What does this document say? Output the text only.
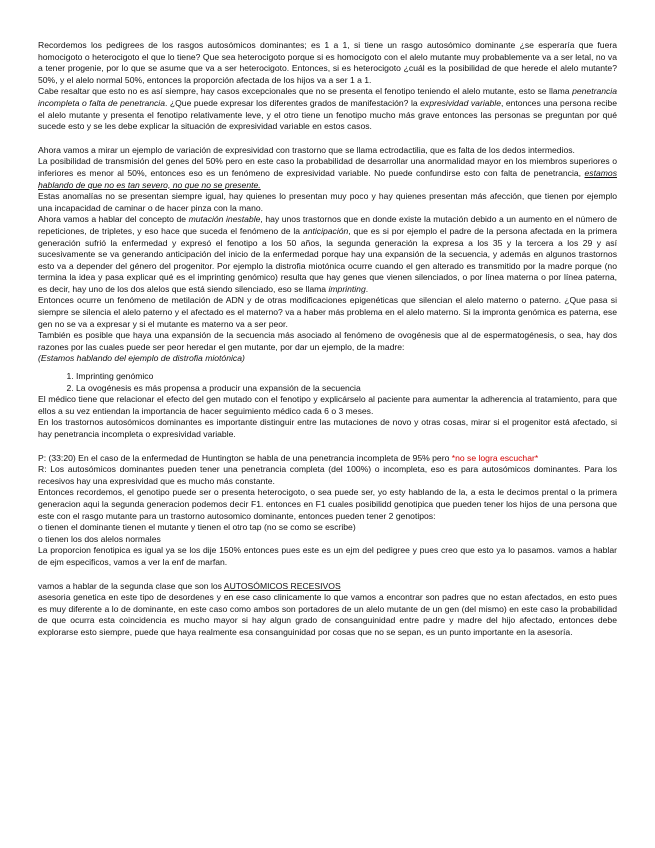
Recordemos los pedigrees de los rasgos autosómicos dominantes; es 1 a 1, si tiene un rasgo autosómico dominante ¿se esperaría que fuera homocigoto o heterocigoto el que lo tiene? Que sea heterocigoto porque si es homocigoto con el alelo mutante muy probablemente va a ser letal, no va a tener progenie, por lo que se asume que va a ser heterocigoto. Entonces, si es heterocigoto ¿cuál es la posibilidad de que herede el alelo mutante? 50%, y el alelo normal 50%, entonces la proporción afectada de los hijos va a ser 1 a 1.

Cabe resaltar que esto no es así siempre, hay casos excepcionales que no se presenta el fenotipo teniendo el alelo mutante, esto se llama penetrancia incompleta o falta de penetrancia. ¿Que puede expresar los diferentes grados de manifestación? la expresividad variable, entonces una persona recibe el alelo mutante y presenta el fenotipo relativamente leve, y el otro tiene un fenotipo mucho más grave entonces las personas se preguntan por qué sucede esto y se les debe explicar la situación de expresividad variable en estos casos.

Ahora vamos a mirar un ejemplo de variación de expresividad con trastorno que se llama ectrodactilia, que es falta de los dedos intermedios.

La posibilidad de transmisión del genes del 50% pero en este caso la probabilidad de desarrollar una anormalidad mayor en los miembros superiores o inferiores es menor al 50%, entonces eso es un fenómeno de expresividad variable. No puede confundirse esto con falta de penetrancia, estamos hablando de que no es tan severo, no que no se presente.

Estas anomalías no se presentan siempre igual, hay quienes lo presentan muy poco y hay quienes presentan más afección, que tienen por ejemplo una incapacidad de caminar o de hacer pinza con la mano.

Ahora vamos a hablar del concepto de mutación inestable, hay unos trastornos que en donde existe la mutación debido a un aumento en el número de repeticiones, de tripletes, y eso hace que suceda el fenómeno de la anticipación, que es si por ejemplo el padre de la persona afectada en la primera generación sufrió la enfermedad y expresó el fenotipo a los 50 años, la segunda generación la expresa a los 35 y la tercera a los 29 y así sucesivamente se va generando anticipación del inicio de la enfermedad porque hay una expansión de la secuencia, y además en algunos trastornos esto va a depender del género del progenitor. Por ejemplo la distrofia miotónica ocurre cuando el gen alterado es transmitido por la madre porque (no termina la idea y pasa explicar qué es el imprinting genómico) resulta que hay genes que vienen silenciados, o por línea materna o por línea paterna, es decir, hay uno de los dos alelos que está siendo silenciado, eso se llama imprinting.

Entonces ocurre un fenómeno de metilación de ADN y de otras modificaciones epigenéticas que silencian el alelo materno o paterno. ¿Que pasa si siempre se silencia el alelo paterno y el afectado es el materno? va a haber más problema en el alelo materno. Si la impronta genómica es paterna, ese gen no se va a expresar y si el mutante es materno va a ser peor.

También es posible que haya una expansión de la secuencia más asociado al fenómeno de ovogénesis que al de espermatogénesis, o sea, hay dos razones por las cuales puede ser peor heredar el gen mutante, por dar un ejemplo, de la madre:

(Estamos hablando del ejemplo de distrofia miotónica)

1. Imprinting genómico
2. La ovogénesis es más propensa a producir una expansión de la secuencia

El médico tiene que relacionar el efecto del gen mutado con el fenotipo y explicárselo al paciente para aumentar la adherencia al tratamiento, para que ellos a su vez entiendan la importancia de hacer seguimiento médico cada 6 o 3 meses.

En los trastornos autosómicos dominantes es importante distinguir entre las mutaciones de novo y otras cosas, mirar si el progenitor está afectado, si hay penetrancia incompleta o expresividad variable.

P: (33:20) En el caso de la enfermedad de Huntington se habla de una penetrancia incompleta de 95% pero *no se logra escuchar*

R: Los autosómicos dominantes pueden tener una penetrancia completa (del 100%) o incompleta, eso es para autosómicos dominantes. Para los recesivos hay una expresividad que es mucho más constante.

Entonces recordemos, el genotipo puede ser o presenta heterocigoto, o sea puede ser, yo esty hablando de la, a esta le decimos prental o la primera generacion aqui la segunda generacion podemos decir F1. entonces en F1 cuales posibilidd genotipica que pueden tener los hijos de una persona que este con el rasgo mutante para un trastorno autosomico dominante, entonces pueden tener 2 genotipos:

o tienen el dominante tienen el mutante y tienen el otro tap (no se como se escribe)

o tienen los dos alelos normales

La proporcion fenotipica es igual ya se los dije 150% entonces pues este es un ejm del pedigree y pues creo que esto ya lo pasamos. vamos a hablar de ejm especificos, vamos a ver la enf de marfan.

vamos a hablar de la segunda clase que son los AUTOSÓMICOS RECESIVOS

asesoria genetica en este tipo de desordenes y en ese caso clinicamente lo que vamos a encontrar son padres que no estan afectados, en esto pues es muy diferente a lo de dominante, en este caso como ambos son portadores de un alelo mutante de un gen (del mismo) en este caso la probabilidad de que ocurra esta coincidencia es mucho mayor si hay algun grado de consanguinidad entre padre y madre del hijo afectado, entonces debe explorarse esto siempre, puede que haya realmente esa consanguinidad por cosas que no se sepan, es un punto importante en la asesoría.
